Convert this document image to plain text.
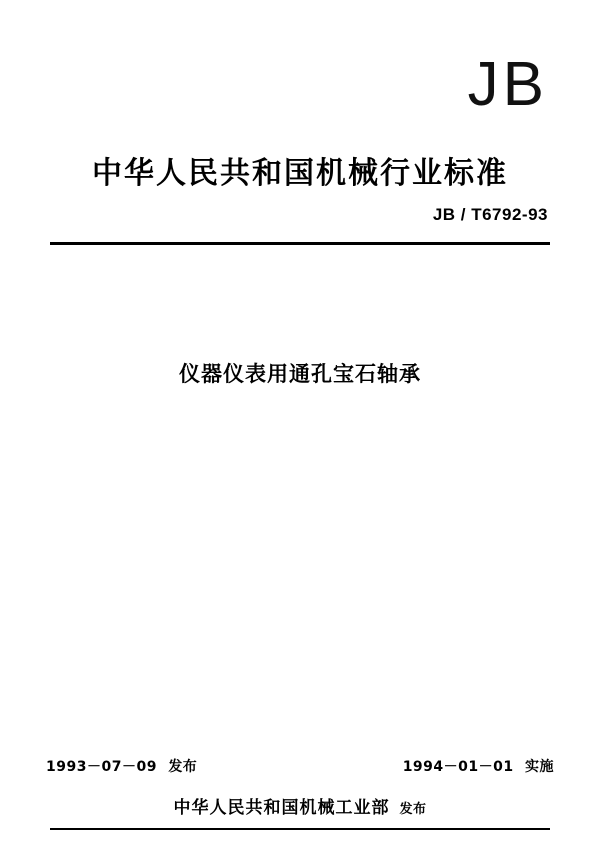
JB
中华人民共和国机械行业标准
JB / T6792-93
仪器仪表用通孔宝石轴承
1993－07－09 发布	1994－01－01 实施
中华人民共和国机械工业部 发布
